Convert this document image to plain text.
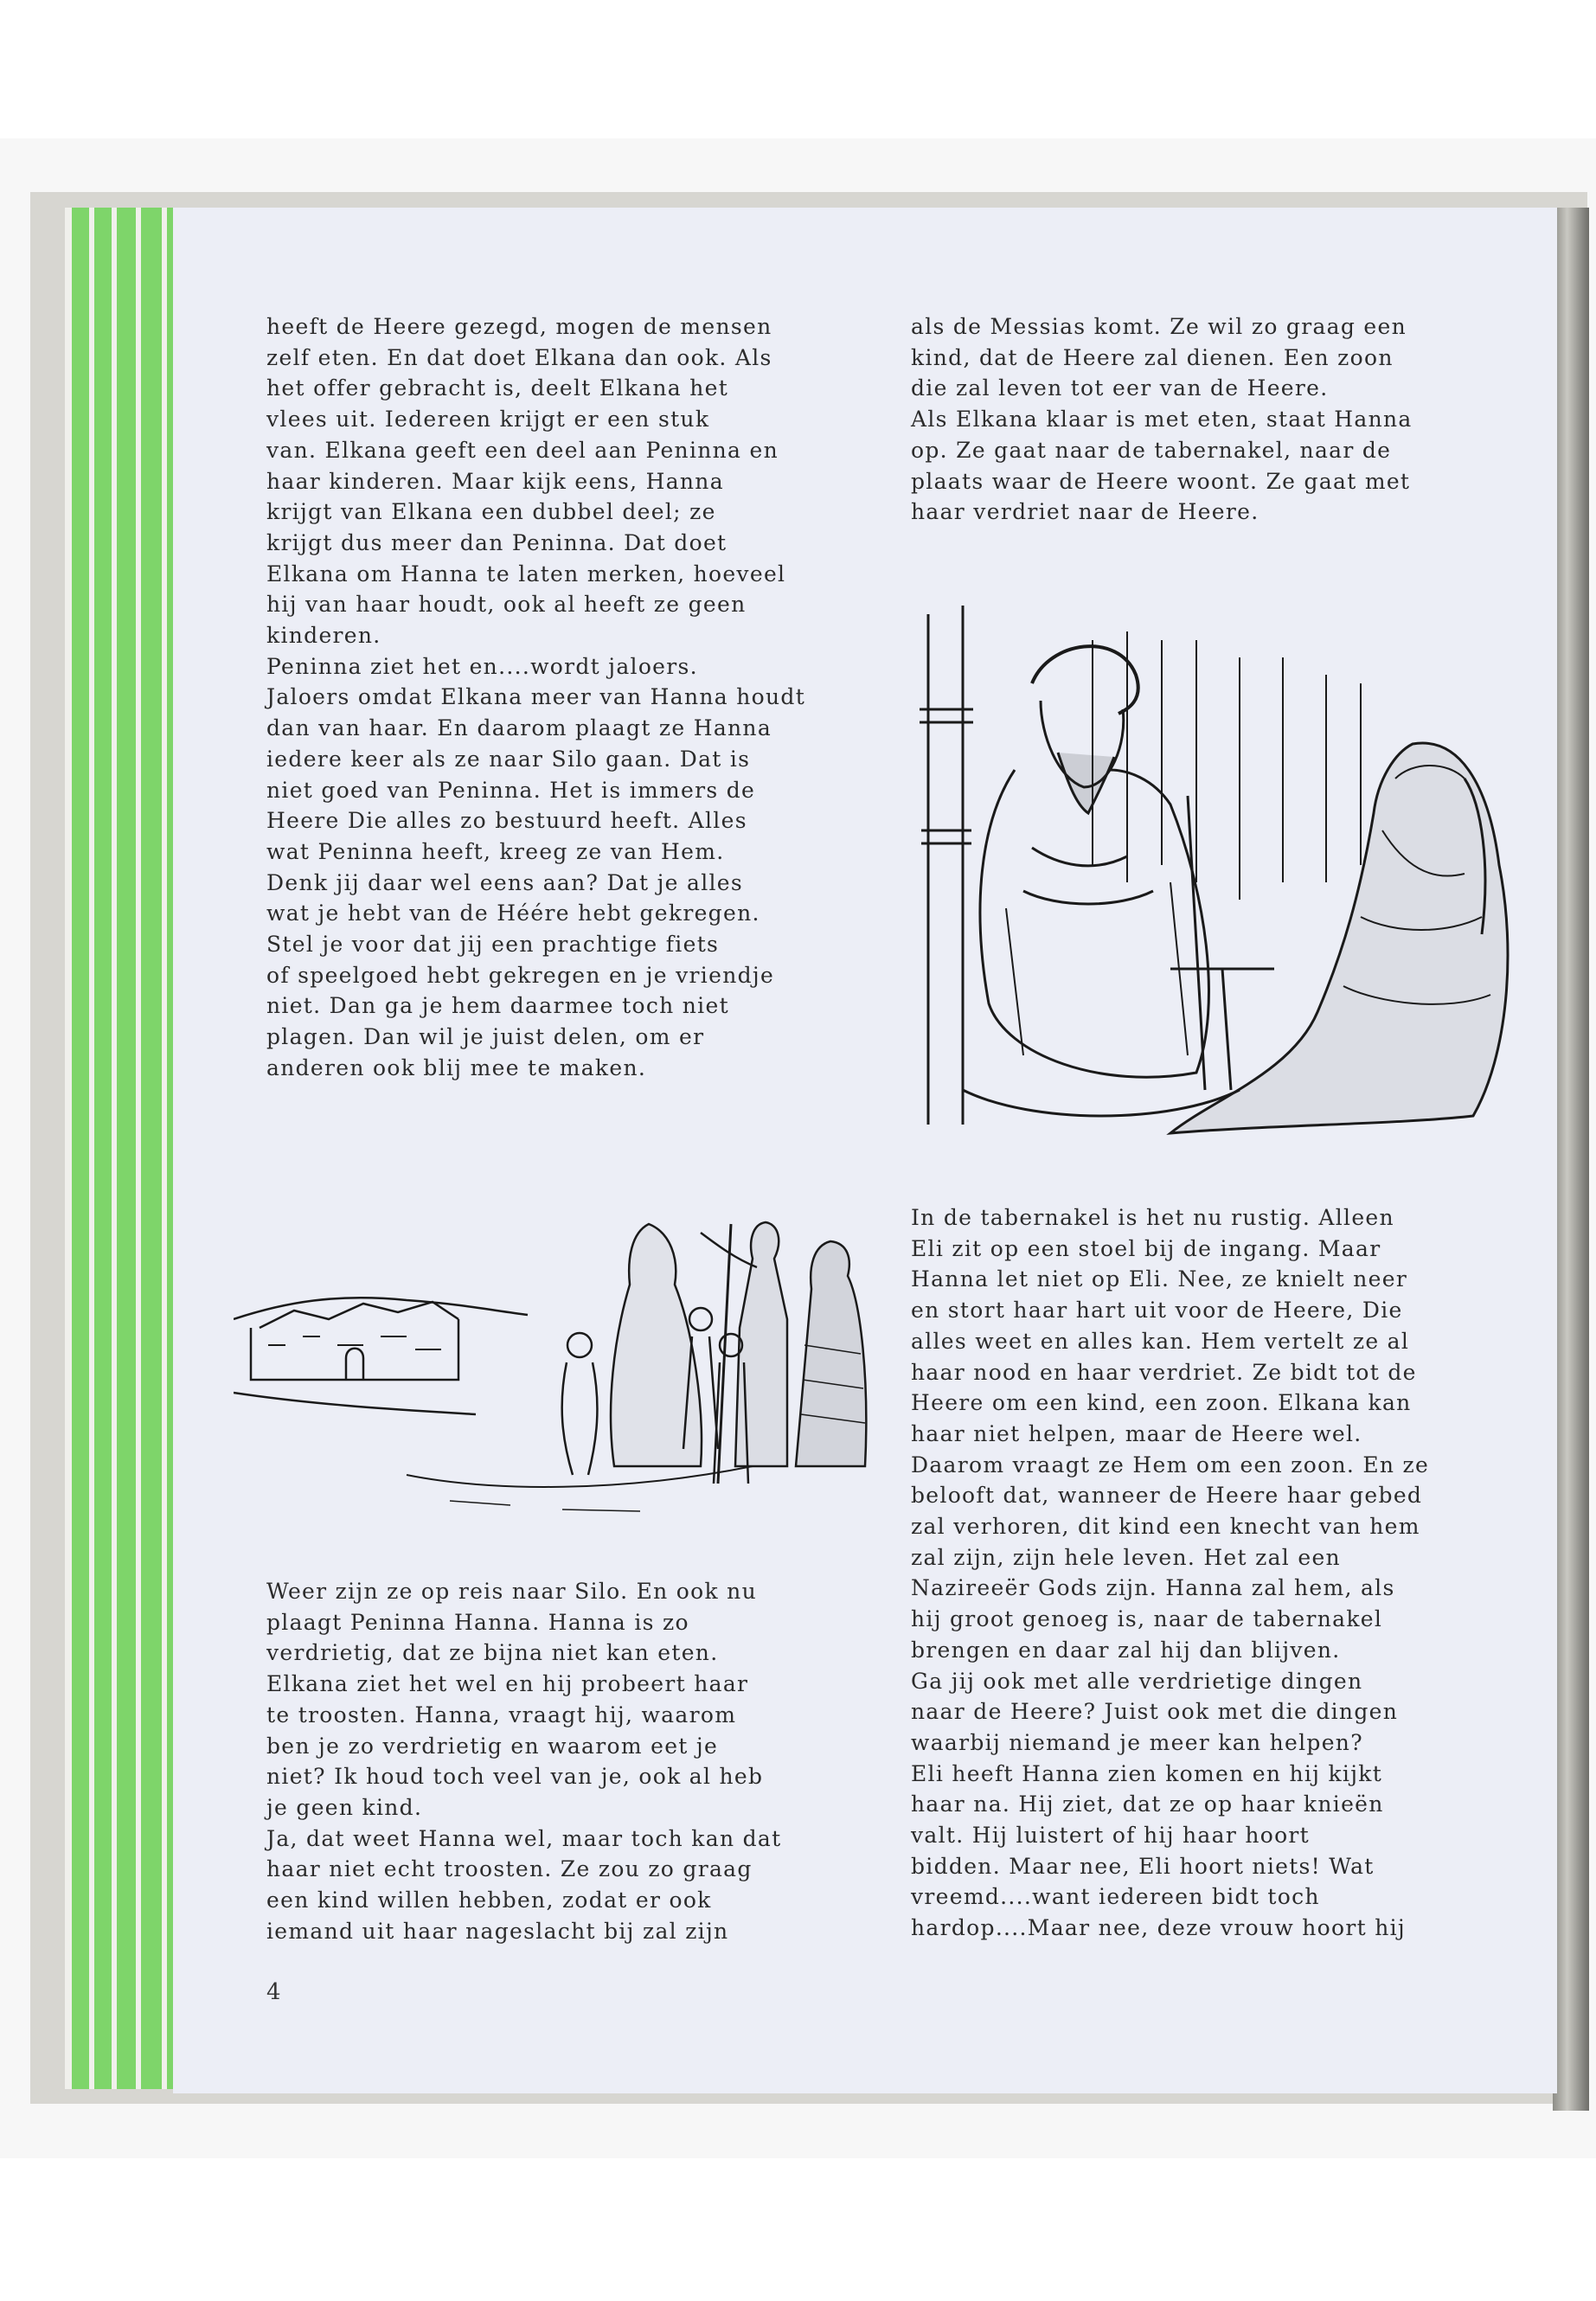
heeft de Heere gezegd, mogen de mensen
zelf eten. En dat doet Elkana dan ook. Als
het offer gebracht is, deelt Elkana het
vlees uit. Iedereen krijgt er een stuk
van. Elkana geeft een deel aan Peninna en
haar kinderen. Maar kijk eens, Hanna
krijgt van Elkana een dubbel deel; ze
krijgt dus meer dan Peninna. Dat doet
Elkana om Hanna te laten merken, hoeveel
hij van haar houdt, ook al heeft ze geen
kinderen.
Peninna ziet het en....wordt jaloers.
Jaloers omdat Elkana meer van Hanna houdt
dan van haar. En daarom plaagt ze Hanna
iedere keer als ze naar Silo gaan. Dat is
niet goed van Peninna. Het is immers de
Heere Die alles zo bestuurd heeft. Alles
wat Peninna heeft, kreeg ze van Hem.
Denk jij daar wel eens aan? Dat je alles
wat je hebt van de Héére hebt gekregen.
Stel je voor dat jij een prachtige fiets
of speelgoed hebt gekregen en je vriendje
niet. Dan ga je hem daarmee toch niet
plagen. Dan wil je juist delen, om er
anderen ook blij mee te maken.

als de Messias komt. Ze wil zo graag een
kind, dat de Heere zal dienen. Een zoon
die zal leven tot eer van de Heere.
Als Elkana klaar is met eten, staat Hanna
op. Ze gaat naar de tabernakel, naar de
plaats waar de Heere woont. Ze gaat met
haar verdriet naar de Heere.

In de tabernakel is het nu rustig. Alleen
Eli zit op een stoel bij de ingang. Maar
Hanna let niet op Eli. Nee, ze knielt neer
en stort haar hart uit voor de Heere, Die
alles weet en alles kan. Hem vertelt ze al
haar nood en haar verdriet. Ze bidt tot de
Heere om een kind, een zoon. Elkana kan
haar niet helpen, maar de Heere wel.
Daarom vraagt ze Hem om een zoon. En ze
belooft dat, wanneer de Heere haar gebed
zal verhoren, dit kind een knecht van hem
zal zijn, zijn hele leven. Het zal een
Nazireeër Gods zijn. Hanna zal hem, als
hij groot genoeg is, naar de tabernakel
brengen en daar zal hij dan blijven.
Ga jij ook met alle verdrietige dingen
naar de Heere? Juist ook met die dingen
waarbij niemand je meer kan helpen?
Eli heeft Hanna zien komen en hij kijkt
haar na. Hij ziet, dat ze op haar knieën
valt. Hij luistert of hij haar hoort
bidden. Maar nee, Eli hoort niets! Wat
vreemd....want iedereen bidt toch
hardop....Maar nee, deze vrouw hoort hij

Weer zijn ze op reis naar Silo. En ook nu
plaagt Peninna Hanna. Hanna is zo
verdrietig, dat ze bijna niet kan eten.
Elkana ziet het wel en hij probeert haar
te troosten. Hanna, vraagt hij, waarom
ben je zo verdrietig en waarom eet je
niet? Ik houd toch veel van je, ook al heb
je geen kind.
Ja, dat weet Hanna wel, maar toch kan dat
haar niet echt troosten. Ze zou zo graag
een kind willen hebben, zodat er ook
iemand uit haar nageslacht bij zal zijn

4
